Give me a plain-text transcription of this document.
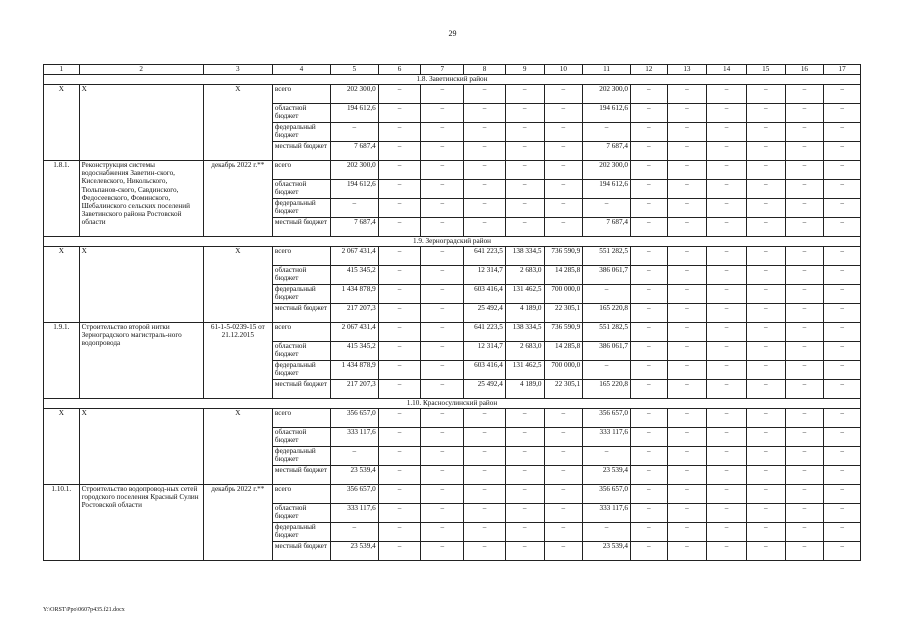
29
1	2	3	4	5	6	7	8	9	10	11	12	13	14	15	16	17
1.8. Заветинский район																
Х	Х	Х	всего	202 300,0	–	–	–	–	–	202 300,0	–	–	–	–	–	–
			областной бюджет	194 612,6	–	–	–	–	–	194 612,6	–	–	–	–	–	–
			федеральный бюджет	–	–	–	–	–	–	–	–	–	–	–	–	–
			местный бюджет	7 687,4	–	–	–	–	–	7 687,4	–	–	–	–	–	–
1.8.1.	Реконструкция системы водоснабжения Заветин-ского, Киселевского, Никольского, Тюльпанов-ского, Савдинского, Федосеевского, Фоминского, Шебалинского сельских поселений Заветинского района Ростовской области	декабрь 2022 г.**	всего	202 300,0	–	–	–	–	–	202 300,0	–	–	–	–	–	–
			областной бюджет	194 612,6	–	–	–	–	–	194 612,6	–	–	–	–	–	–
			федеральный бюджет	–	–	–	–	–	–	–	–	–	–	–	–	–
			местный бюджет	7 687,4	–	–	–	–	–	7 687,4	–	–	–	–	–	–
1.9. Зерноградский район																
Х	Х	Х	всего	2 067 431,4	–	–	641 223,5	138 334,5	736 590,9	551 282,5	–	–	–	–	–	–
			областной бюджет	415 345,2	–	–	12 314,7	2 683,0	14 285,8	386 061,7	–	–	–	–	–	–
			федеральный бюджет	1 434 878,9	–	–	603 416,4	131 462,5	700 000,0	–	–	–	–	–	–	–
			местный бюджет	217 207,3	–	–	25 492,4	4 189,0	22 305,1	165 220,8	–	–	–	–	–	–
1.9.1.	Строительство второй нитки Зерноградского магистраль-ного водопровода	61-1-5-0239-15 от 21.12.2015	всего	2 067 431,4	–	–	641 223,5	138 334,5	736 590,9	551 282,5	–	–	–	–	–	–
			областной бюджет	415 345,2	–	–	12 314,7	2 683,0	14 285,8	386 061,7	–	–	–	–	–	–
			федеральный бюджет	1 434 878,9	–	–	603 416,4	131 462,5	700 000,0	–	–	–	–	–	–	–
			местный бюджет	217 207,3	–	–	25 492,4	4 189,0	22 305,1	165 220,8	–	–	–	–	–	–
1.10. Красносулинский район																
Х	Х	Х	всего	356 657,0	–	–	–	–	–	356 657,0	–	–	–	–	–	–
			областной бюджет	333 117,6	–	–	–	–	–	333 117,6	–	–	–	–	–	–
			федеральный бюджет	–	–	–	–	–	–	–	–	–	–	–	–	–
			местный бюджет	23 539,4	–	–	–	–	–	23 539,4	–	–	–	–	–	–
1.10.1.	Строительство водопровод-ных сетей городского поселения Красный Сулин Ростовской области	декабрь 2022 г.**	всего	356 657,0	–	–	–	–	–	356 657,0	–	–	–	–	–	–
			областной бюджет	333 117,6	–	–	–	–	–	333 117,6	–	–	–	–	–	–
			федеральный бюджет	–	–	–	–	–	–	–	–	–	–	–	–	–
			местный бюджет	23 539,4	–	–	–	–	–	23 539,4	–	–	–	–	–	–
Y:\ORST\Ppo\0607p435.f21.docx
